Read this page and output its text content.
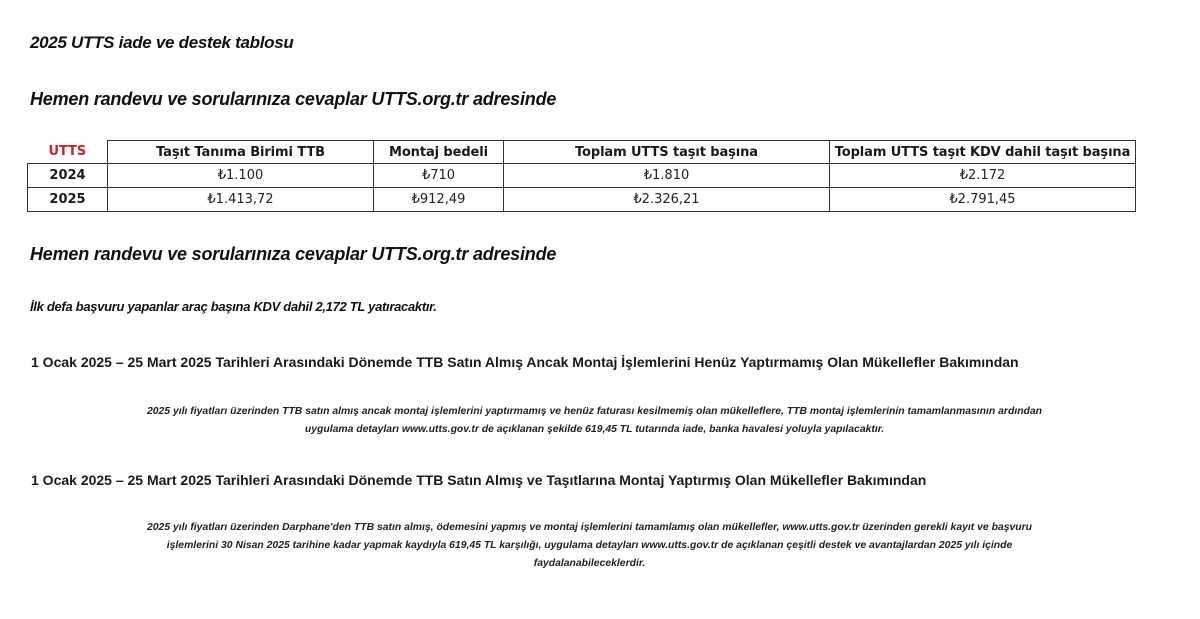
2025 UTTS iade ve destek tablosu
Hemen randevu ve sorularınıza cevaplar UTTS.org.tr adresinde
UTTS	Taşıt Tanıma Birimi TTB	Montaj bedeli	Toplam UTTS taşıt başına	Toplam UTTS taşıt KDV dahil taşıt başına
2024	₺1.100	₺710	₺1.810	₺2.172
2025	₺1.413,72	₺912,49	₺2.326,21	₺2.791,45
Hemen randevu ve sorularınıza cevaplar UTTS.org.tr adresinde
İlk defa başvuru yapanlar araç başına KDV dahil 2,172 TL yatıracaktır.
1 Ocak 2025 – 25 Mart 2025 Tarihleri Arasındaki Dönemde TTB Satın Almış Ancak Montaj İşlemlerini Henüz Yaptırmamış Olan Mükellefler Bakımından
2025 yılı fiyatları üzerinden TTB satın almış ancak montaj işlemlerini yaptırmamış ve henüz faturası kesilmemiş olan mükelleflere, TTB montaj işlemlerinin tamamlanmasının ardından
uygulama detayları www.utts.gov.tr de açıklanan şekilde 619,45 TL tutarında iade, banka havalesi yoluyla yapılacaktır.
1 Ocak 2025 – 25 Mart 2025 Tarihleri Arasındaki Dönemde TTB Satın Almış ve Taşıtlarına Montaj Yaptırmış Olan Mükellefler Bakımından
2025 yılı fiyatları üzerinden Darphane'den TTB satın almış, ödemesini yapmış ve montaj işlemlerini tamamlamış olan mükellefler, www.utts.gov.tr üzerinden gerekli kayıt ve başvuru
işlemlerini 30 Nisan 2025 tarihine kadar yapmak kaydıyla 619,45 TL karşılığı, uygulama detayları www.utts.gov.tr de açıklanan çeşitli destek ve avantajlardan 2025 yılı içinde
faydalanabileceklerdir.
